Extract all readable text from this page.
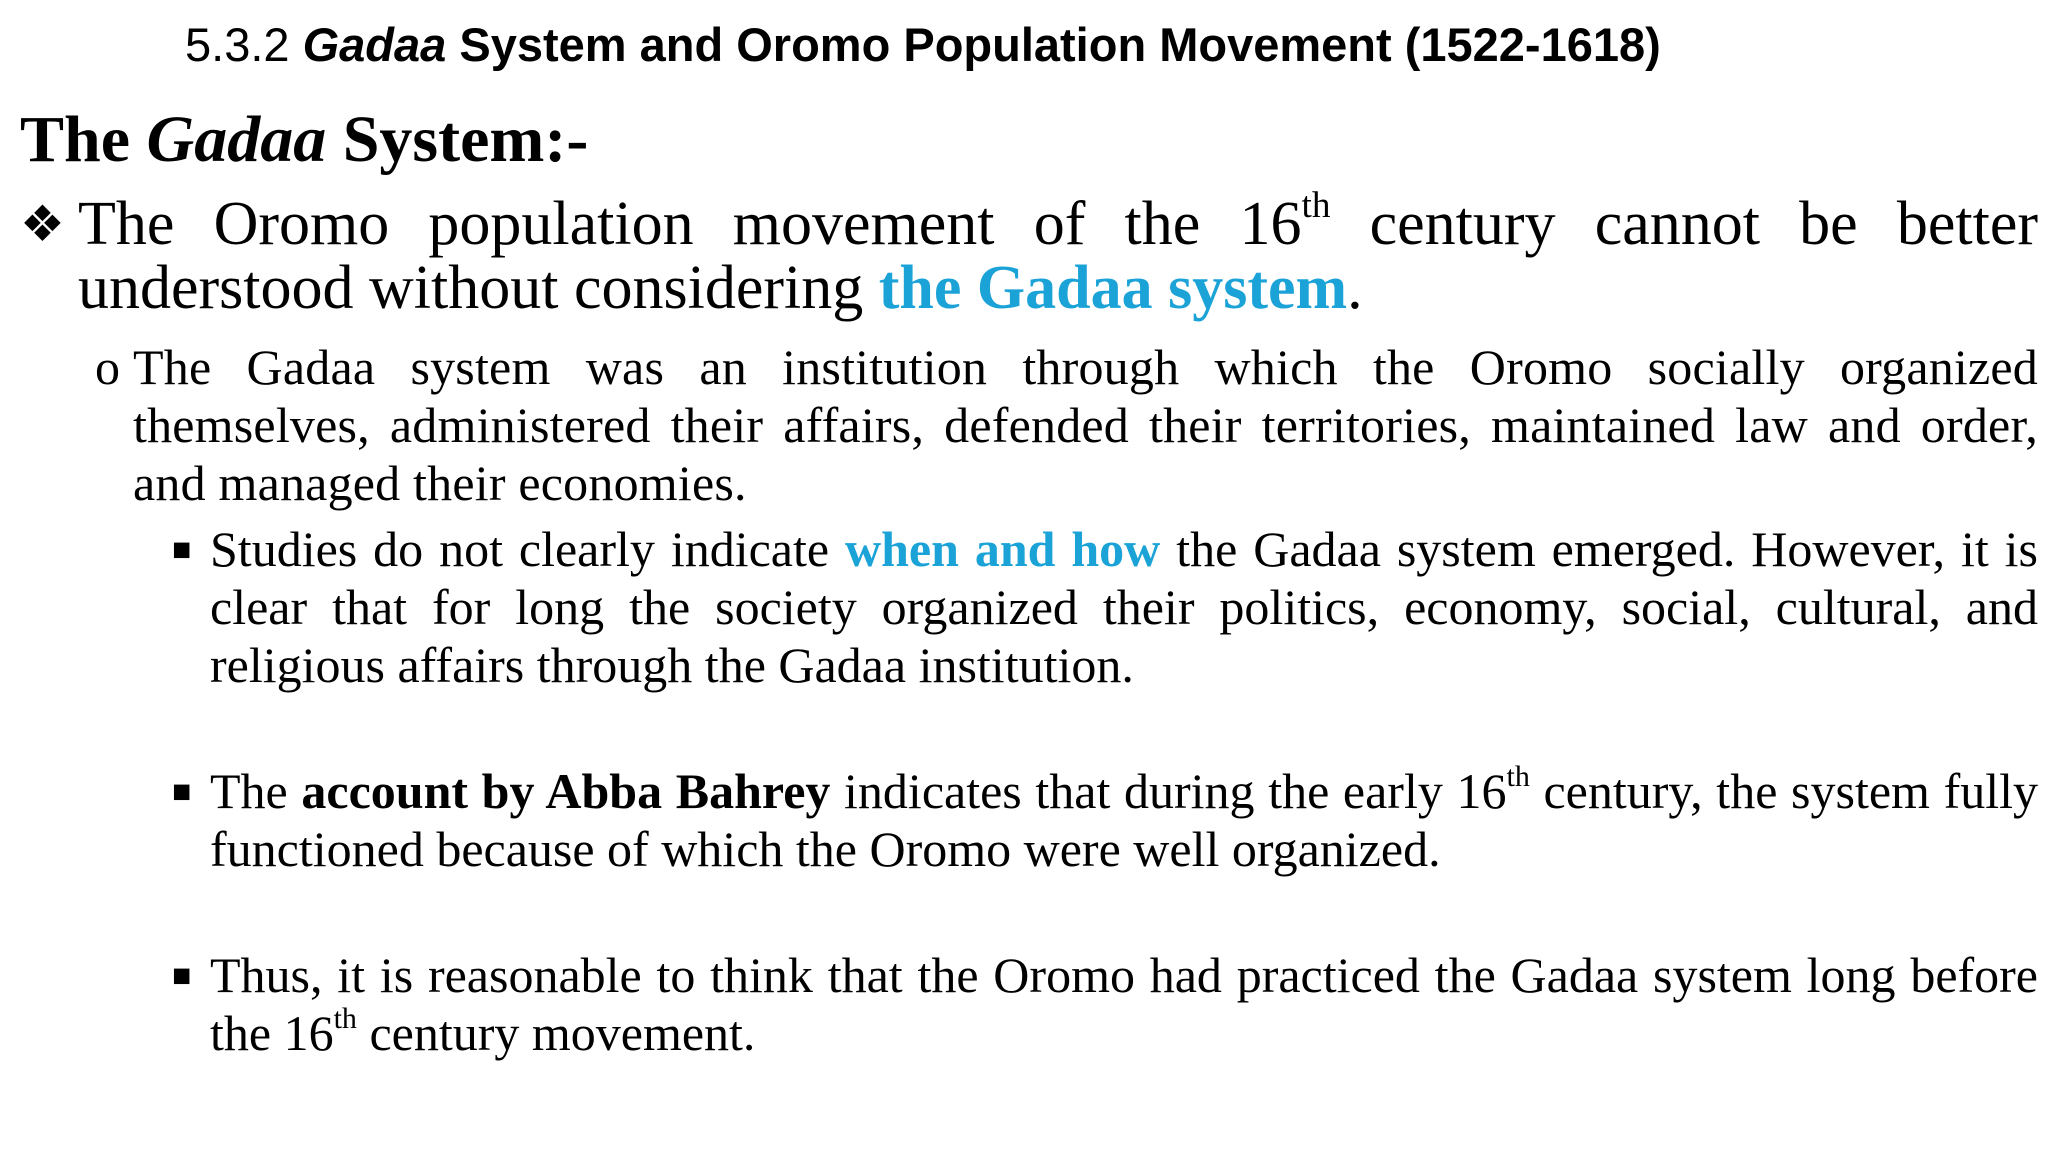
5.3.2 Gadaa System and Oromo Population Movement (1522-1618)
The Gadaa System:-
❖ The Oromo population movement of the 16th century cannot be better understood without considering the Gadaa system.
o The Gadaa system was an institution through which the Oromo socially organized themselves, administered their affairs, defended their territories, maintained law and order, and managed their economies.
■ Studies do not clearly indicate when and how the Gadaa system emerged. However, it is clear that for long the society organized their politics, economy, social, cultural, and religious affairs through the Gadaa institution.
■ The account by Abba Bahrey indicates that during the early 16th century, the system fully functioned because of which the Oromo were well organized.
■ Thus, it is reasonable to think that the Oromo had practiced the Gadaa system long before the 16th century movement.
